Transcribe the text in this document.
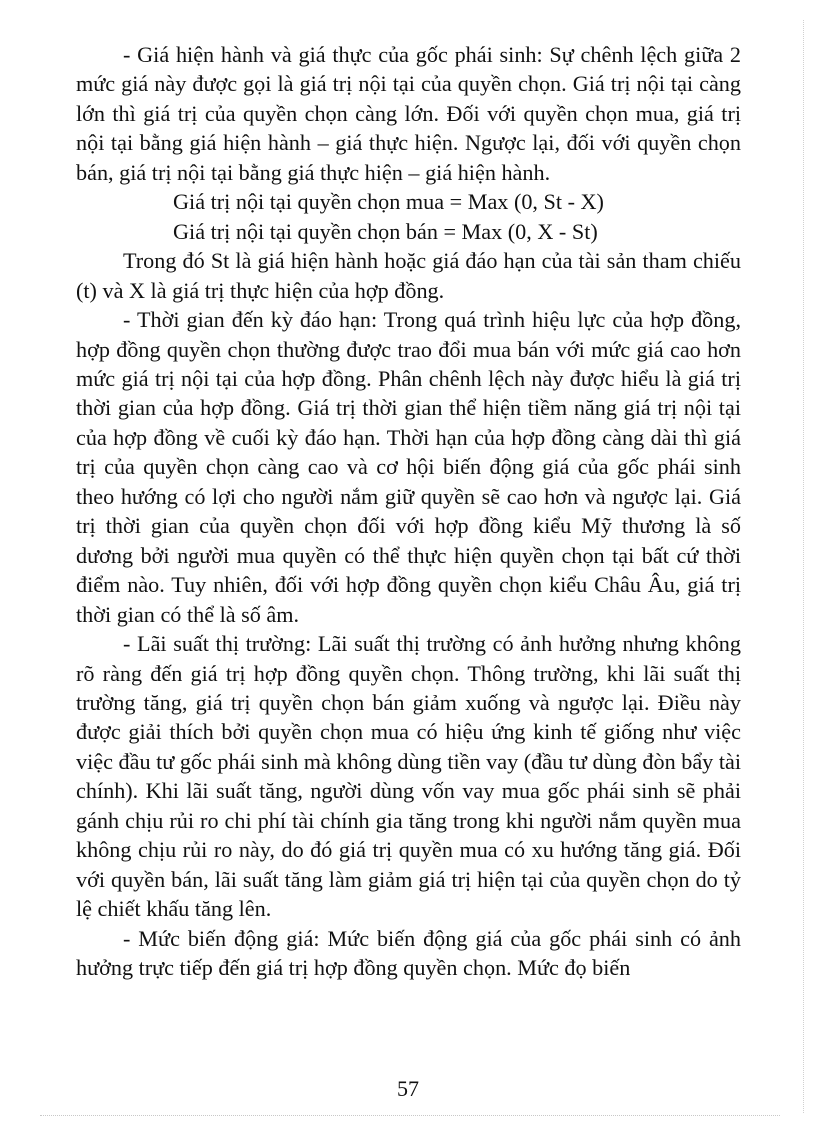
- Giá hiện hành và giá thực của gốc phái sinh: Sự chênh lệch giữa 2 mức giá này được gọi là giá trị nội tại của quyền chọn. Giá trị nội tại càng lớn thì giá trị của quyền chọn càng lớn. Đối với quyền chọn mua, giá trị nội tại bằng giá hiện hành – giá thực hiện. Ngược lại, đối với quyền chọn bán, giá trị nội tại bằng giá thực hiện – giá hiện hành.

Giá trị nội tại quyền chọn mua = Max (0, St - X)

Giá trị nội tại quyền chọn bán = Max (0, X - St)

Trong đó St là giá hiện hành hoặc giá đáo hạn của tài sản tham chiếu (t) và X là giá trị thực hiện của hợp đồng.

- Thời gian đến kỳ đáo hạn: Trong quá trình hiệu lực của hợp đồng, hợp đồng quyền chọn thường được trao đổi mua bán với mức giá cao hơn mức giá trị nội tại của hợp đồng. Phân chênh lệch này được hiểu là giá trị thời gian của hợp đồng. Giá trị thời gian thể hiện tiềm năng giá trị nội tại của hợp đồng về cuối kỳ đáo hạn. Thời hạn của hợp đồng càng dài thì giá trị của quyền chọn càng cao và cơ hội biến động giá của gốc phái sinh theo hướng có lợi cho người nắm giữ quyền sẽ cao hơn và ngược lại. Giá trị thời gian của quyền chọn đối với hợp đồng kiểu Mỹ thương là số dương bởi người mua quyền có thể thực hiện quyền chọn tại bất cứ thời điểm nào. Tuy nhiên, đối với hợp đồng quyền chọn kiểu Châu Âu, giá trị thời gian có thể là số âm.

- Lãi suất thị trường: Lãi suất thị trường có ảnh hưởng nhưng không rõ ràng đến giá trị hợp đồng quyền chọn. Thông trường, khi lãi suất thị trường tăng, giá trị quyền chọn bán giảm xuống và ngược lại. Điều này được giải thích bởi quyền chọn mua có hiệu ứng kinh tế giống như việc việc đầu tư gốc phái sinh mà không dùng tiền vay (đầu tư dùng đòn bẩy tài chính). Khi lãi suất tăng, người dùng vốn vay mua gốc phái sinh sẽ phải gánh chịu rủi ro chi phí tài chính gia tăng trong khi người nắm quyền mua không chịu rủi ro này, do đó giá trị quyền mua có xu hướng tăng giá. Đối với quyền bán, lãi suất tăng làm giảm giá trị hiện tại của quyền chọn do tỷ lệ chiết khấu tăng lên.

- Mức biến động giá: Mức biến động giá của gốc phái sinh có ảnh hưởng trực tiếp đến giá trị hợp đồng quyền chọn. Mức đọ biến

57
